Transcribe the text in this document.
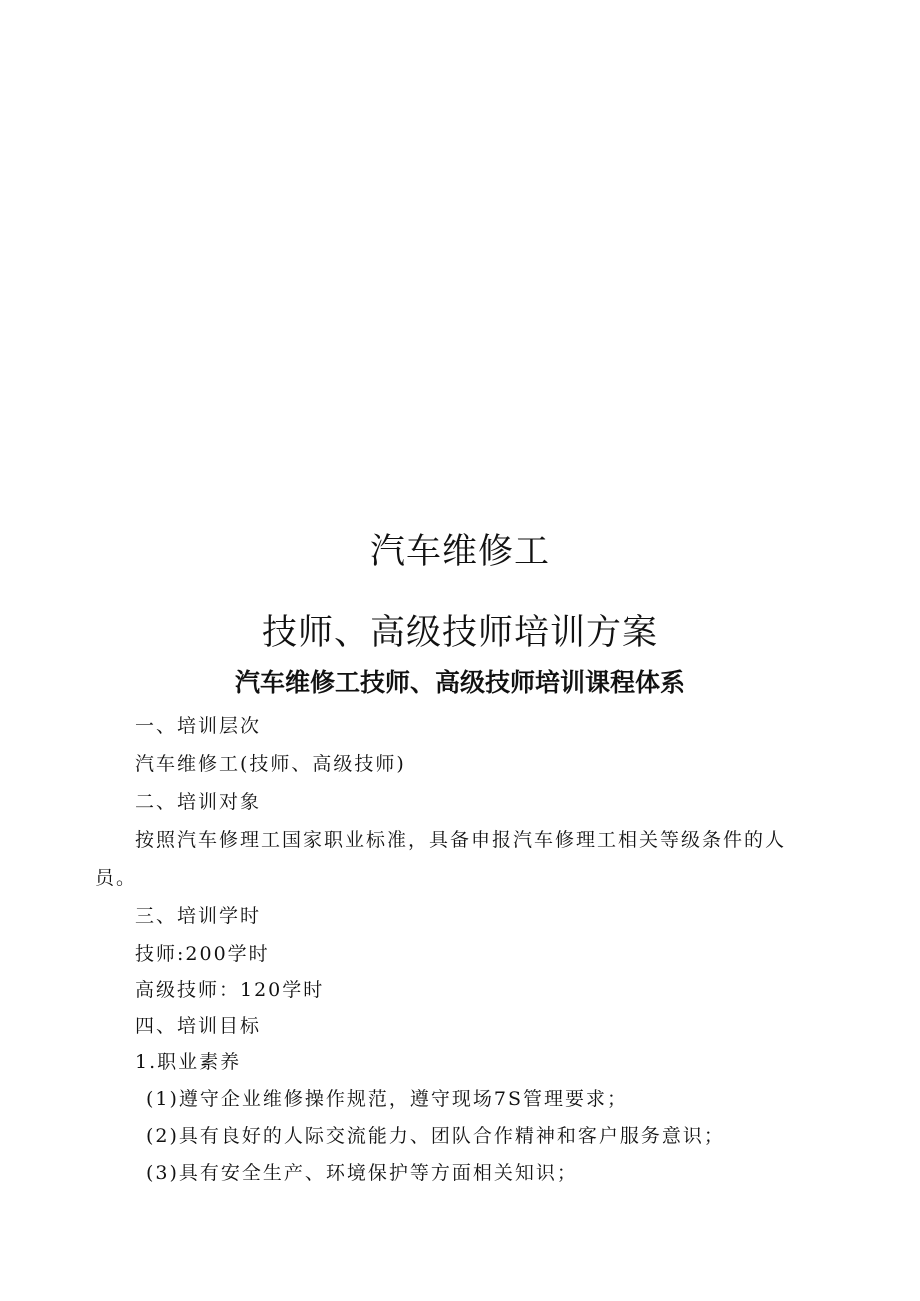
汽车维修工
技师、高级技师培训方案
汽车维修工技师、高级技师培训课程体系
一、培训层次
汽车维修工(技师、高级技师)
二、培训对象
按照汽车修理工国家职业标准，具备申报汽车修理工相关等级条件的人
员。
三、培训学时
技师:200学时
高级技师：120学时
四、培训目标
1.职业素养
(1)遵守企业维修操作规范，遵守现场7S管理要求；
(2)具有良好的人际交流能力、团队合作精神和客户服务意识；
(3)具有安全生产、环境保护等方面相关知识；
